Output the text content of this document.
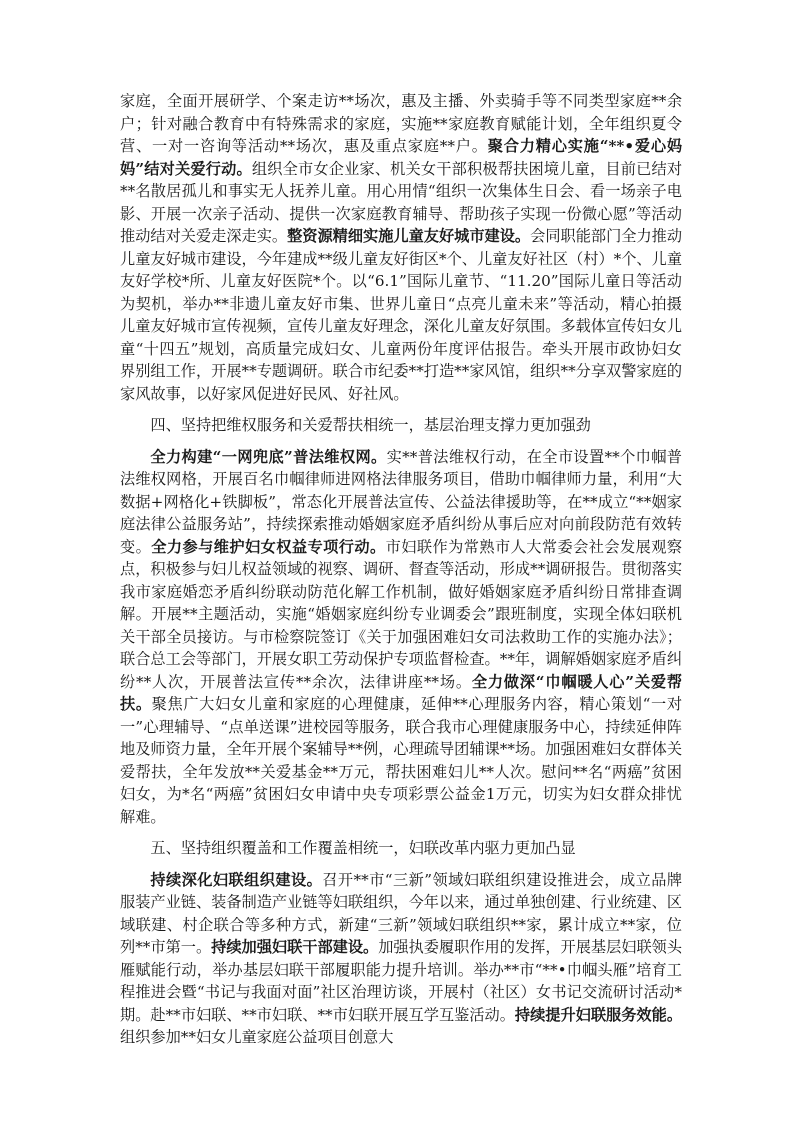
家庭，全面开展研学、个案走访**场次，惠及主播、外卖骑手等不同类型家庭**余户；针对融合教育中有特殊需求的家庭，实施**家庭教育赋能计划，全年组织夏令营、一对一咨询等活动**场次，惠及重点家庭**户。聚合力精心实施“**•爱心妈妈”结对关爱行动。组织全市女企业家、机关女干部积极帮扶困境儿童，目前已结对**名散居孤儿和事实无人抚养儿童。用心用情“组织一次集体生日会、看一场亲子电影、开展一次亲子活动、提供一次家庭教育辅导、帮助孩子实现一份微心愿”等活动推动结对关爱走深走实。整资源精细实施儿童友好城市建设。会同职能部门全力推动儿童友好城市建设，今年建成**级儿童友好街区*个、儿童友好社区（村）*个、儿童友好学校*所、儿童友好医院*个。以“6.1”国际儿童节、“11.20”国际儿童日等活动为契机，举办**非遗儿童友好市集、世界儿童日“点亮儿童未来”等活动，精心拍摄儿童友好城市宣传视频，宣传儿童友好理念，深化儿童友好氛围。多载体宣传妇女儿童“十四五”规划，高质量完成妇女、儿童两份年度评估报告。牵头开展市政协妇女界别组工作，开展**专题调研。联合市纪委**打造**家风馆，组织**分享双警家庭的家风故事，以好家风促进好民风、好社风。

四、坚持把维权服务和关爱帮扶相统一，基层治理支撑力更加强劲

全力构建“一网兜底”普法维权网。实**普法维权行动，在全市设置**个巾帼普法维权网格，开展百名巾帼律师进网格法律服务项目，借助巾帼律师力量，利用“大数据+网格化+铁脚板”，常态化开展普法宣传、公益法律援助等，在**成立“**姻家庭法律公益服务站”，持续探索推动婚姻家庭矛盾纠纷从事后应对向前段防范有效转变。全力参与维护妇女权益专项行动。市妇联作为常熟市人大常委会社会发展观察点，积极参与妇儿权益领域的视察、调研、督查等活动，形成**调研报告。贯彻落实我市家庭婚恋矛盾纠纷联动防范化解工作机制，做好婚姻家庭矛盾纠纷日常排查调解。开展**主题活动，实施“婚姻家庭纠纷专业调委会”跟班制度，实现全体妇联机关干部全员接访。与市检察院签订《关于加强困难妇女司法救助工作的实施办法》；联合总工会等部门，开展女职工劳动保护专项监督检查。**年，调解婚姻家庭矛盾纠纷**人次，开展普法宣传**余次，法律讲座**场。全力做深“巾帼暖人心”关爱帮扶。聚焦广大妇女儿童和家庭的心理健康，延伸**心理服务内容，精心策划“一对一”心理辅导、“点单送课”进校园等服务，联合我市心理健康服务中心，持续延伸阵地及师资力量，全年开展个案辅导**例，心理疏导团辅课**场。加强困难妇女群体关爱帮扶，全年发放**关爱基金**万元，帮扶困难妇儿**人次。慰问**名“两癌”贫困妇女，为*名“两癌”贫困妇女申请中央专项彩票公益金1万元，切实为妇女群众排忧解难。

五、坚持组织覆盖和工作覆盖相统一，妇联改革内驱力更加凸显

持续深化妇联组织建设。召开**市“三新”领域妇联组织建设推进会，成立品牌服装产业链、装备制造产业链等妇联组织，今年以来，通过单独创建、行业统建、区域联建、村企联合等多种方式，新建“三新”领域妇联组织**家，累计成立**家，位列**市第一。持续加强妇联干部建设。加强执委履职作用的发挥，开展基层妇联领头雁赋能行动，举办基层妇联干部履职能力提升培训。举办**市“**•巾帼头雁”培育工程推进会暨“书记与我面对面”社区治理访谈，开展村（社区）女书记交流研讨活动*期。赴**市妇联、**市妇联、**市妇联开展互学互鉴活动。持续提升妇联服务效能。组织参加**妇女儿童家庭公益项目创意大
